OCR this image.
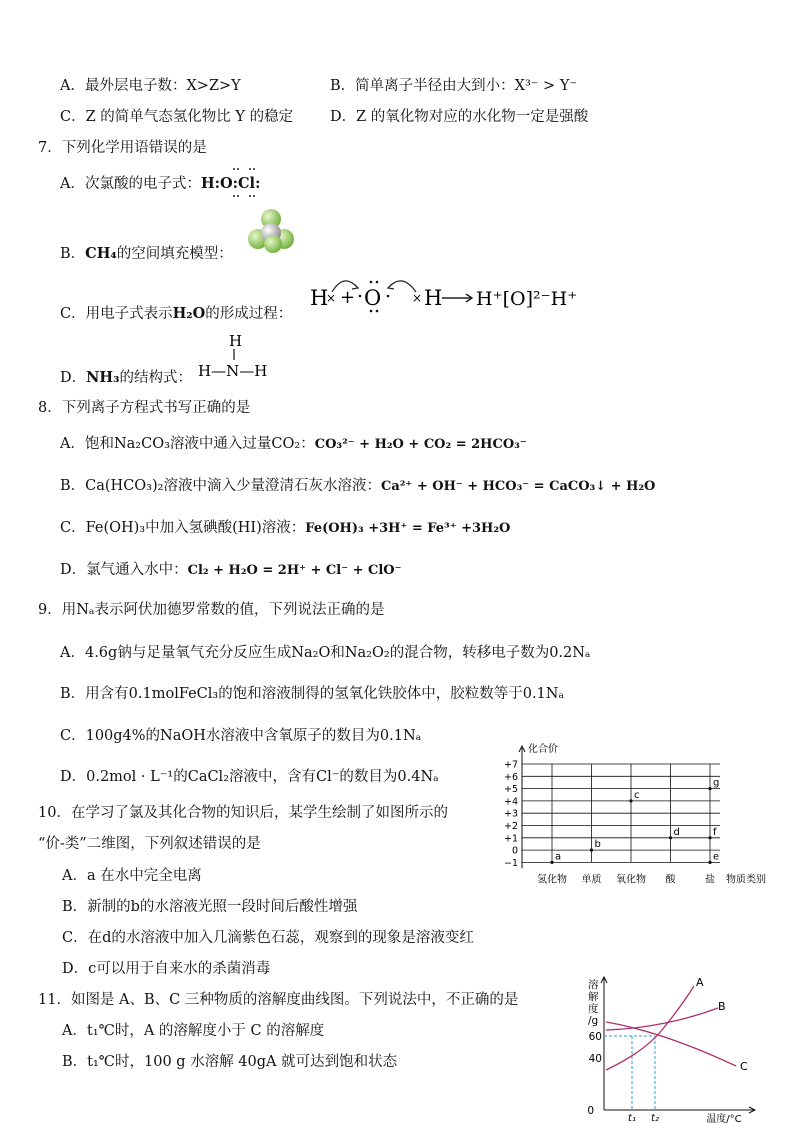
A．最外层电子数：X>Z>Y	B．简单离子半径由大到小：X³⁻ > Y⁻
C．Z 的简单气态氢化物比 Y 的稳定	D．Z 的氧化物对应的水化物一定是强酸
7．下列化学用语错误的是
A．次氯酸的电子式：H:O:Cl:
B．CH₄的空间填充模型：
C．用电子式表示H₂O的形成过程：
H
× + O	× H H⁺[O]²⁻H⁺
D．NH₃的结构式：
H
H—N—H
8．下列离子方程式书写正确的是
A．饱和Na₂CO₃溶液中通入过量CO₂：CO₃²⁻ + H₂O + CO₂ = 2HCO₃⁻
B．Ca(HCO₃)₂溶液中滴入少量澄清石灰水溶液：Ca²⁺ + OH⁻ + HCO₃⁻ = CaCO₃↓ + H₂O
C．Fe(OH)₃中加入氢碘酸(HI)溶液：Fe(OH)₃ +3H⁺ = Fe³⁺ +3H₂O
D．氯气通入水中：Cl₂ + H₂O = 2H⁺ + Cl⁻ + ClO⁻
9．用Nₐ表示阿伏加德罗常数的值，下列说法正确的是
A．4.6g钠与足量氧气充分反应生成Na₂O和Na₂O₂的混合物，转移电子数为0.2Nₐ
B．用含有0.1molFeCl₃的饱和溶液制得的氢氧化铁胶体中，胶粒数等于0.1Nₐ
C．100g4%的NaOH水溶液中含氧原子的数目为0.1Nₐ
D．0.2mol · L⁻¹的CaCl₂溶液中，含有Cl⁻的数目为0.4Nₐ
10．在学习了氯及其化合物的知识后，某学生绘制了如图所示的
“价-类”二维图，下列叙述错误的是
A．a 在水中完全电离
B．新制的b的水溶液光照一段时间后酸性增强
C．在d的水溶液中加入几滴紫色石蕊，观察到的现象是溶液变红
D．c可以用于自来水的杀菌消毒
化合价
+7
+6
+5
+4
+3
+2
+1
0
−1
氢化物 单质 氧化物 酸	盐 物质类别
a
b
c
d
e
f
g
11．如图是 A、B、C 三种物质的溶解度曲线图。下列说法中，不正确的是
A．t₁℃时，A 的溶解度小于 C 的溶解度
B．t₁℃时，100 g 水溶解 40gA 就可达到饱和状态
溶
解
度
/g
60
40
0
t₁ t₂	温度/°C
A
B
C
